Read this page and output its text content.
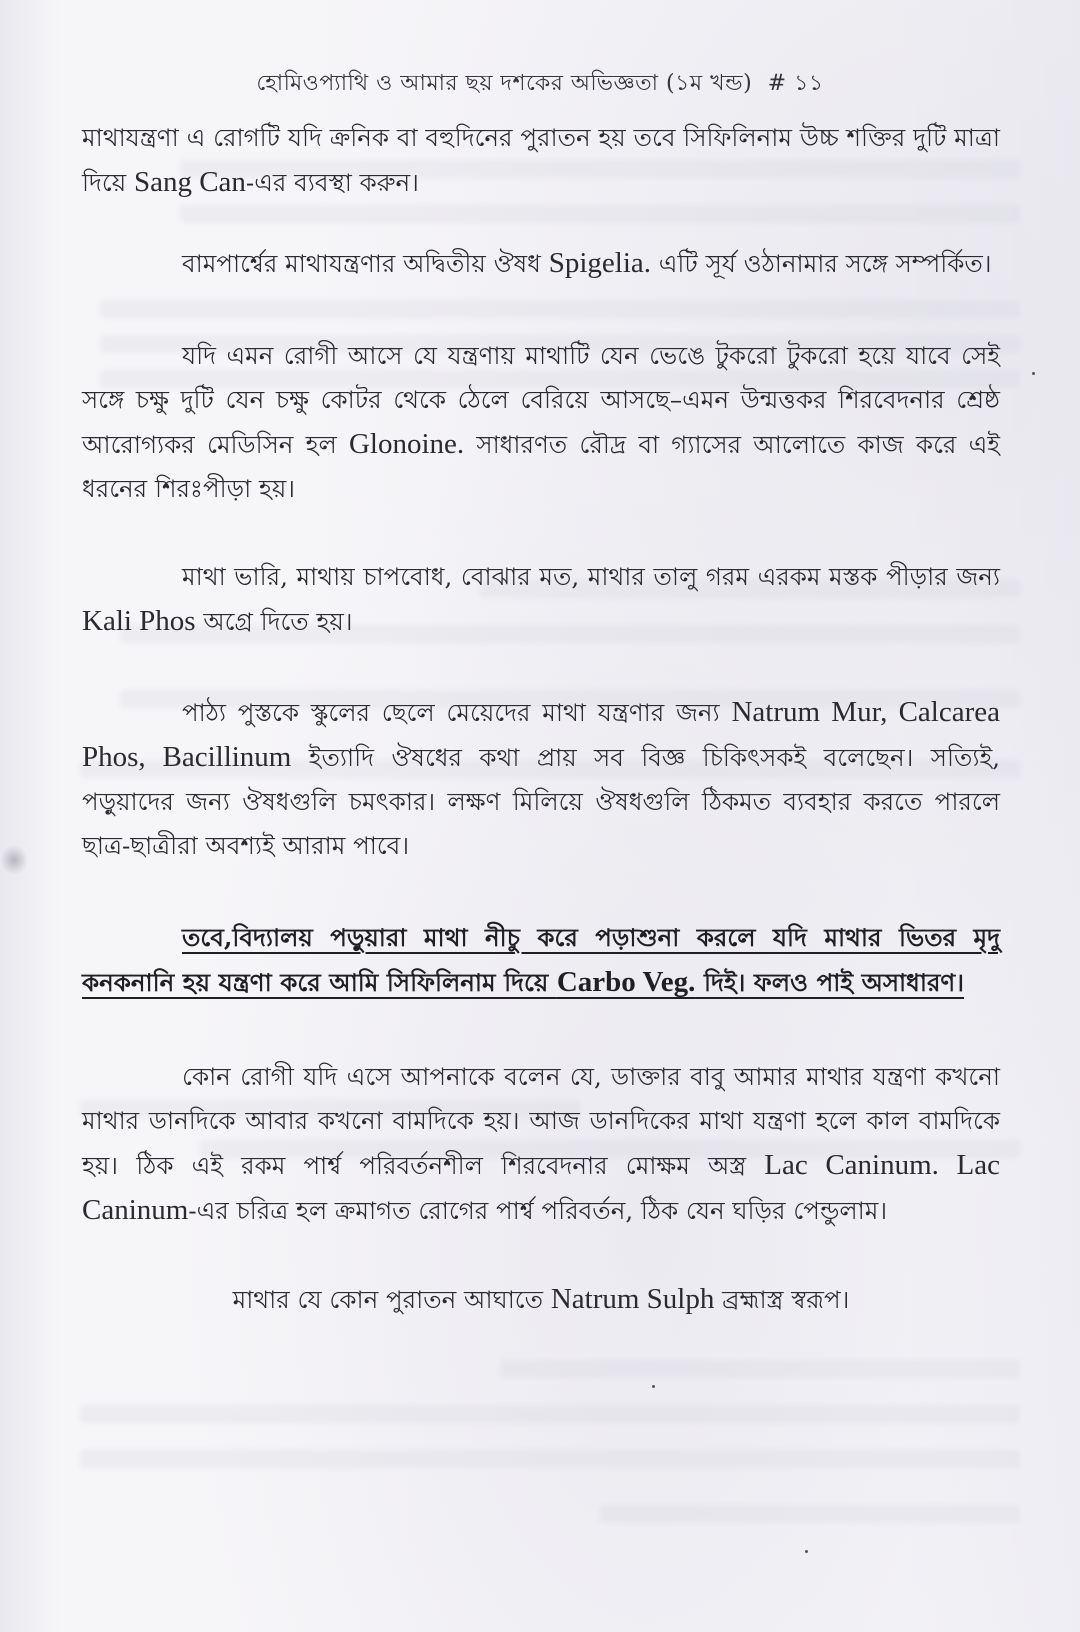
হোমিওপ্যাথি ও আমার ছয় দশকের অভিজ্ঞতা (১ম খন্ড) # ১১

মাথাযন্ত্রণা এ রোগটি যদি ক্রনিক বা বহুদিনের পুরাতন হয় তবে সিফিলিনাম উচ্চ শক্তির দুটি মাত্রা দিয়ে Sang Can-এর ব্যবস্থা করুন।

বামপার্শ্বের মাথাযন্ত্রণার অদ্বিতীয় ঔষধ Spigelia. এটি সূর্য ওঠানামার সঙ্গে সম্পর্কিত।

যদি এমন রোগী আসে যে যন্ত্রণায় মাথাটি যেন ভেঙে টুকরো টুকরো হয়ে যাবে সেই সঙ্গে চক্ষু দুটি যেন চক্ষু কোটর থেকে ঠেলে বেরিয়ে আসছে–এমন উন্মত্তকর শিরবেদনার শ্রেষ্ঠ আরোগ্যকর মেডিসিন হল Glonoine. সাধারণত রৌদ্র বা গ্যাসের আলোতে কাজ করে এই ধরনের শিরঃপীড়া হয়।

মাথা ভারি, মাথায় চাপবোধ, বোঝার মত, মাথার তালু গরম এরকম মস্তক পীড়ার জন্য Kali Phos অগ্রে দিতে হয়।

পাঠ্য পুস্তকে স্কুলের ছেলে মেয়েদের মাথা যন্ত্রণার জন্য Natrum Mur, Calcarea Phos, Bacillinum ইত্যাদি ঔষধের কথা প্রায় সব বিজ্ঞ চিকিৎসকই বলেছেন। সত্যিই, পড়ুয়াদের জন্য ঔষধগুলি চমৎকার। লক্ষণ মিলিয়ে ঔষধগুলি ঠিকমত ব্যবহার করতে পারলে ছাত্র-ছাত্রীরা অবশ্যই আরাম পাবে।

তবে,বিদ্যালয় পড়ুয়ারা মাথা নীচু করে পড়াশুনা করলে যদি মাথার ভিতর মৃদু কনকনানি হয় যন্ত্রণা করে আমি সিফিলিনাম দিয়ে Carbo Veg. দিই। ফলও পাই অসাধারণ।

কোন রোগী যদি এসে আপনাকে বলেন যে, ডাক্তার বাবু আমার মাথার যন্ত্রণা কখনো মাথার ডানদিকে আবার কখনো বামদিকে হয়। আজ ডানদিকের মাথা যন্ত্রণা হলে কাল বামদিকে হয়। ঠিক এই রকম পার্শ্ব পরিবর্তনশীল শিরবেদনার মোক্ষম অস্ত্র Lac Caninum. Lac Caninum-এর চরিত্র হল ক্রমাগত রোগের পার্শ্ব পরিবর্তন, ঠিক যেন ঘড়ির পেন্ডুলাম।

মাথার যে কোন পুরাতন আঘাতে Natrum Sulph ব্রহ্মাস্ত্র স্বরূপ।
